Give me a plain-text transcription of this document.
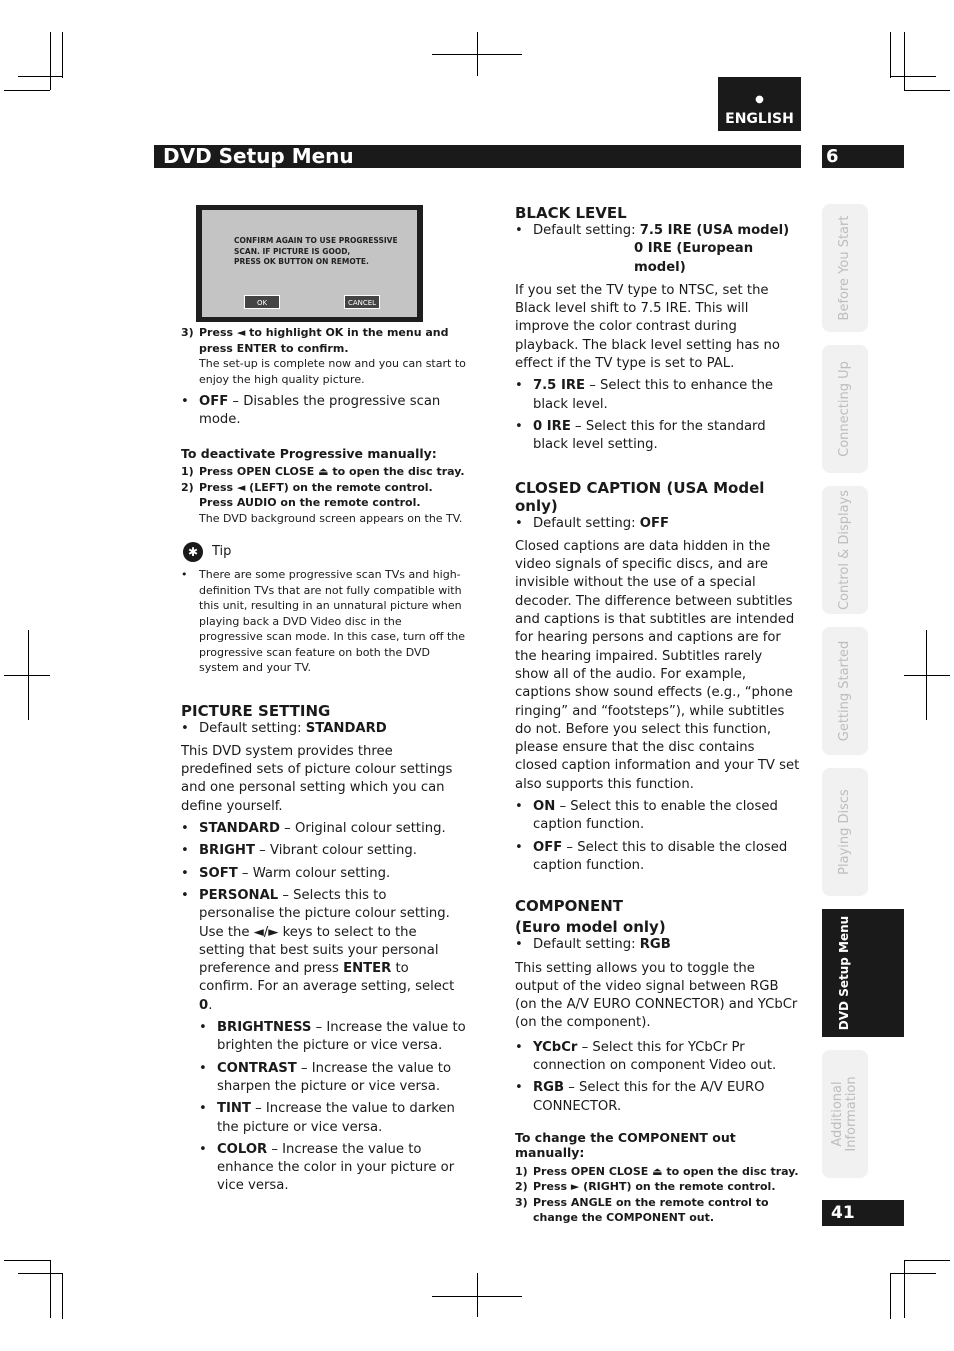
●
ENGLISH
DVD Setup Menu	6
Before You Start
Connecting Up
Control & Displays
Getting Started
Playing Discs
DVD Setup Menu
Additional
Information
41
CONFIRM AGAIN TO USE PROGRESSIVE
SCAN. IF PICTURE IS GOOD,
PRESS OK BUTTON ON REMOTE.
OK	CANCEL
3) Press ◄ to highlight OK in the menu and press ENTER to confirm.
The set-up is complete now and you can start to enjoy the high quality picture.
• OFF – Disables the progressive scan mode.
To deactivate Progressive manually:
1) Press OPEN CLOSE ⏏ to open the disc tray.
2) Press ◄ (LEFT) on the remote control. Press AUDIO on the remote control.
The DVD background screen appears on the TV.
✱	Tip
• There are some progressive scan TVs and high-definition TVs that are not fully compatible with this unit, resulting in an unnatural picture when playing back a DVD Video disc in the progressive scan mode. In this case, turn off the progressive scan feature on both the DVD system and your TV.
PICTURE SETTING
• Default setting: STANDARD

This DVD system provides three predefined sets of picture colour settings and one personal setting which you can define yourself.

• STANDARD – Original colour setting.
• BRIGHT – Vibrant colour setting.
• SOFT – Warm colour setting.
• PERSONAL – Selects this to personalise the picture colour setting. Use the ◄/► keys to select to the setting that best suits your personal preference and press ENTER to confirm. For an average setting, select 0.
• BRIGHTNESS – Increase the value to brighten the picture or vice versa.
• CONTRAST – Increase the value to sharpen the picture or vice versa.
• TINT – Increase the value to darken the picture or vice versa.
• COLOR – Increase the value to enhance the color in your picture or vice versa.
BLACK LEVEL
• Default setting: 7.5 IRE (USA model)
0 IRE (European model)

If you set the TV type to NTSC, set the Black level shift to 7.5 IRE. This will improve the color contrast during playback. The black level setting has no effect if the TV type is set to PAL.

• 7.5 IRE – Select this to enhance the black level.
• 0 IRE – Select this for the standard black level setting.
CLOSED CAPTION (USA Model only)
• Default setting: OFF

Closed captions are data hidden in the video signals of specific discs, and are invisible without the use of a special decoder. The difference between subtitles and captions is that subtitles are intended for hearing persons and captions are for the hearing impaired. Subtitles rarely show all of the audio. For example, captions show sound effects (e.g., “phone ringing” and “footsteps”), while subtitles do not. Before you select this function, please ensure that the disc contains closed caption information and your TV set also supports this function.

• ON – Select this to enable the closed caption function.
• OFF – Select this to disable the closed caption function.
COMPONENT
(Euro model only)
• Default setting: RGB

This setting allows you to toggle the output of the video signal between RGB (on the A/V EURO CONNECTOR) and YCbCr (on the component).

• YCbCr – Select this for YCbCr Pr connection on component Video out.
• RGB – Select this for the A/V EURO CONNECTOR.
To change the COMPONENT out manually:
1) Press OPEN CLOSE ⏏ to open the disc tray.
2) Press ► (RIGHT) on the remote control.
3) Press ANGLE on the remote control to change the COMPONENT out.
